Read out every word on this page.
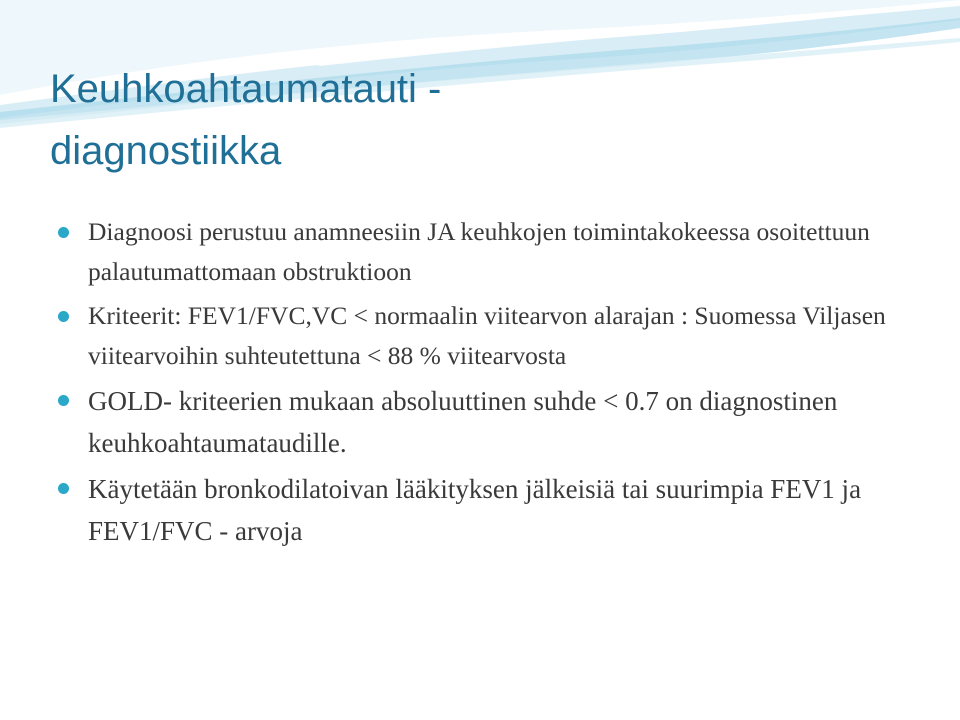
Keuhkoahtaumatauti -
diagnostiikka
Diagnoosi perustuu anamneesiin JA keuhkojen toimintakokeessa osoitettuun palautumattomaan obstruktioon
Kriteerit: FEV1/FVC,VC < normaalin viitearvon alarajan : Suomessa Viljasen viitearvoihin suhteutettuna < 88 % viitearvosta
GOLD- kriteerien mukaan absoluuttinen suhde < 0.7 on diagnostinen keuhkoahtaumataudille.
Käytetään bronkodilatoivan lääkityksen jälkeisiä tai suurimpia FEV1 ja FEV1/FVC - arvoja
